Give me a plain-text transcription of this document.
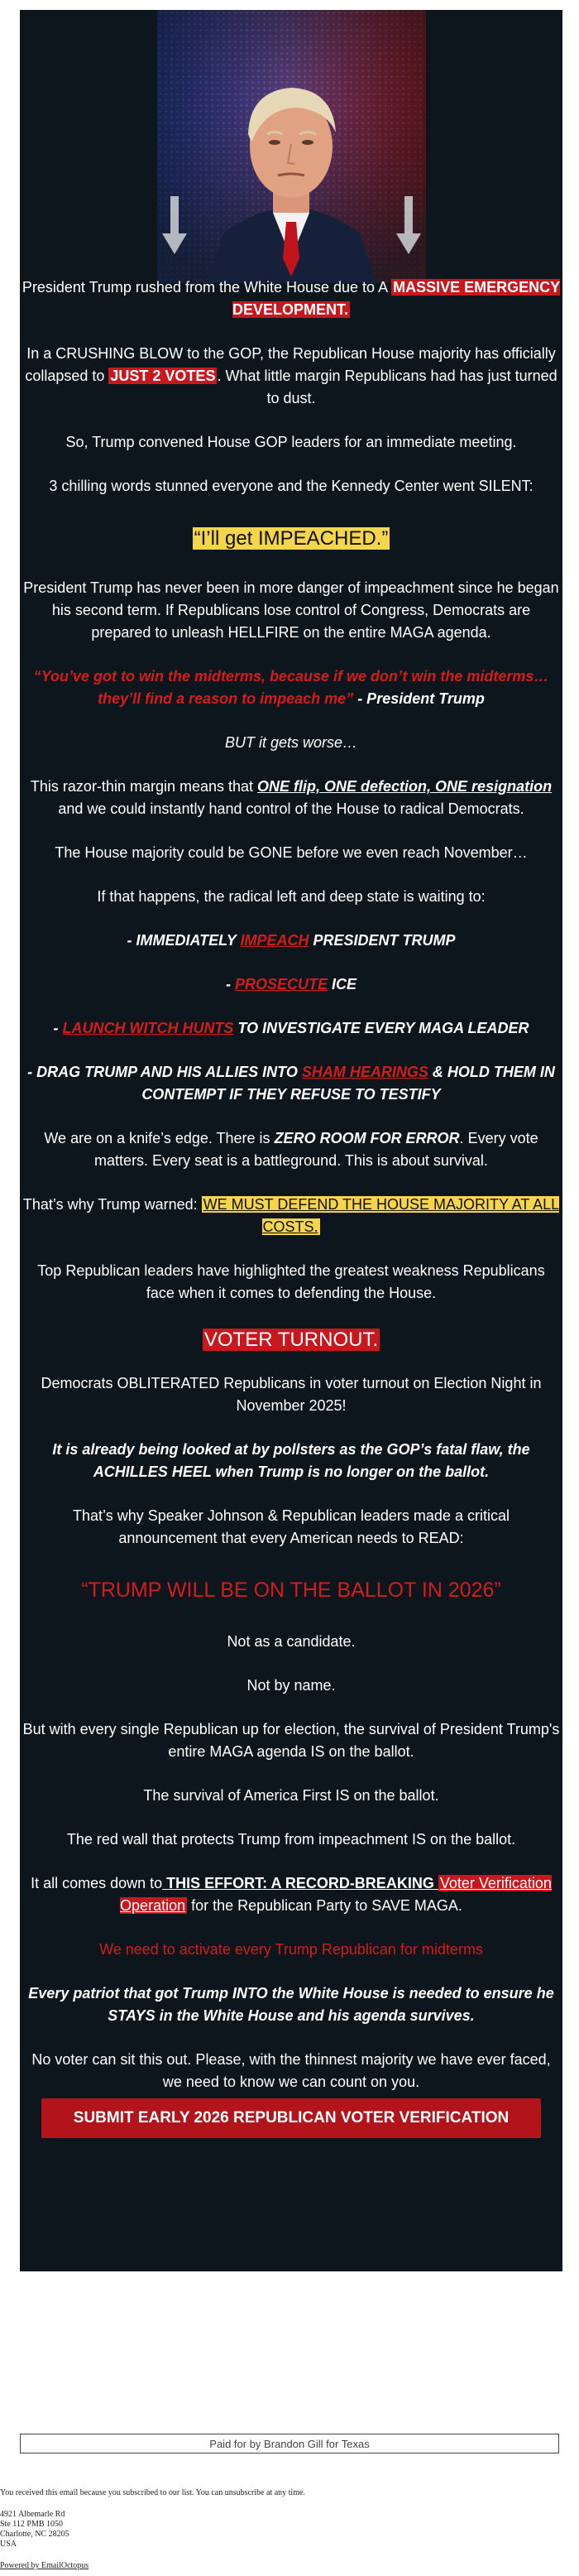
President Trump rushed from the White House due to A MASSIVE EMERGENCY DEVELOPMENT.

In a CRUSHING BLOW to the GOP, the Republican House majority has officially collapsed to JUST 2 VOTES . What little margin Republicans had has just turned to dust.

So, Trump convened House GOP leaders for an immediate meeting.

3 chilling words stunned everyone and the Kennedy Center went SILENT:

“I’ll get IMPEACHED.”

President Trump has never been in more danger of impeachment since he began his second term. If Republicans lose control of Congress, Democrats are prepared to unleash HELLFIRE on the entire MAGA agenda.

“You’ve got to win the midterms, because if we don’t win the midterms… they’ll find a reason to impeach me” - President Trump

BUT it gets worse…

This razor-thin margin means that ONE flip, ONE defection, ONE resignation and we could instantly hand control of the House to radical Democrats.

The House majority could be GONE before we even reach November…

If that happens, the radical left and deep state is waiting to:

- IMMEDIATELY IMPEACH PRESIDENT TRUMP

- PROSECUTE ICE

- LAUNCH WITCH HUNTS TO INVESTIGATE EVERY MAGA LEADER

- DRAG TRUMP AND HIS ALLIES INTO SHAM HEARINGS & HOLD THEM IN CONTEMPT IF THEY REFUSE TO TESTIFY

We are on a knife’s edge. There is ZERO ROOM FOR ERROR. Every vote matters. Every seat is a battleground. This is about survival.

That’s why Trump warned: WE MUST DEFEND THE HOUSE MAJORITY AT ALL COSTS.

Top Republican leaders have highlighted the greatest weakness Republicans face when it comes to defending the House.

VOTER TURNOUT.

Democrats OBLITERATED Republicans in voter turnout on Election Night in November 2025!

It is already being looked at by pollsters as the GOP’s fatal flaw, the ACHILLES HEEL when Trump is no longer on the ballot.

That’s why Speaker Johnson & Republican leaders made a critical announcement that every American needs to READ:

“TRUMP WILL BE ON THE BALLOT IN 2026”

Not as a candidate.

Not by name.

But with every single Republican up for election, the survival of President Trump's entire MAGA agenda IS on the ballot.

The survival of America First IS on the ballot.

The red wall that protects Trump from impeachment IS on the ballot.

It all comes down to THIS EFFORT: A RECORD-BREAKING Voter Verification Operation for the Republican Party to SAVE MAGA.

We need to activate every Trump Republican for midterms

Every patriot that got Trump INTO the White House is needed to ensure he STAYS in the White House and his agenda survives.

No voter can sit this out. Please, with the thinnest majority we have ever faced, we need to know we can count on you.

SUBMIT EARLY 2026 REPUBLICAN VOTER VERIFICATION
Paid for by Brandon Gill for Texas
You received this email because you subscribed to our list. You can unsubscribe at any time.
4921 Albemarle Rd
Ste 112 PMB 1050
Charlotte, NC 28205
USA
Powered by EmailOctopus
